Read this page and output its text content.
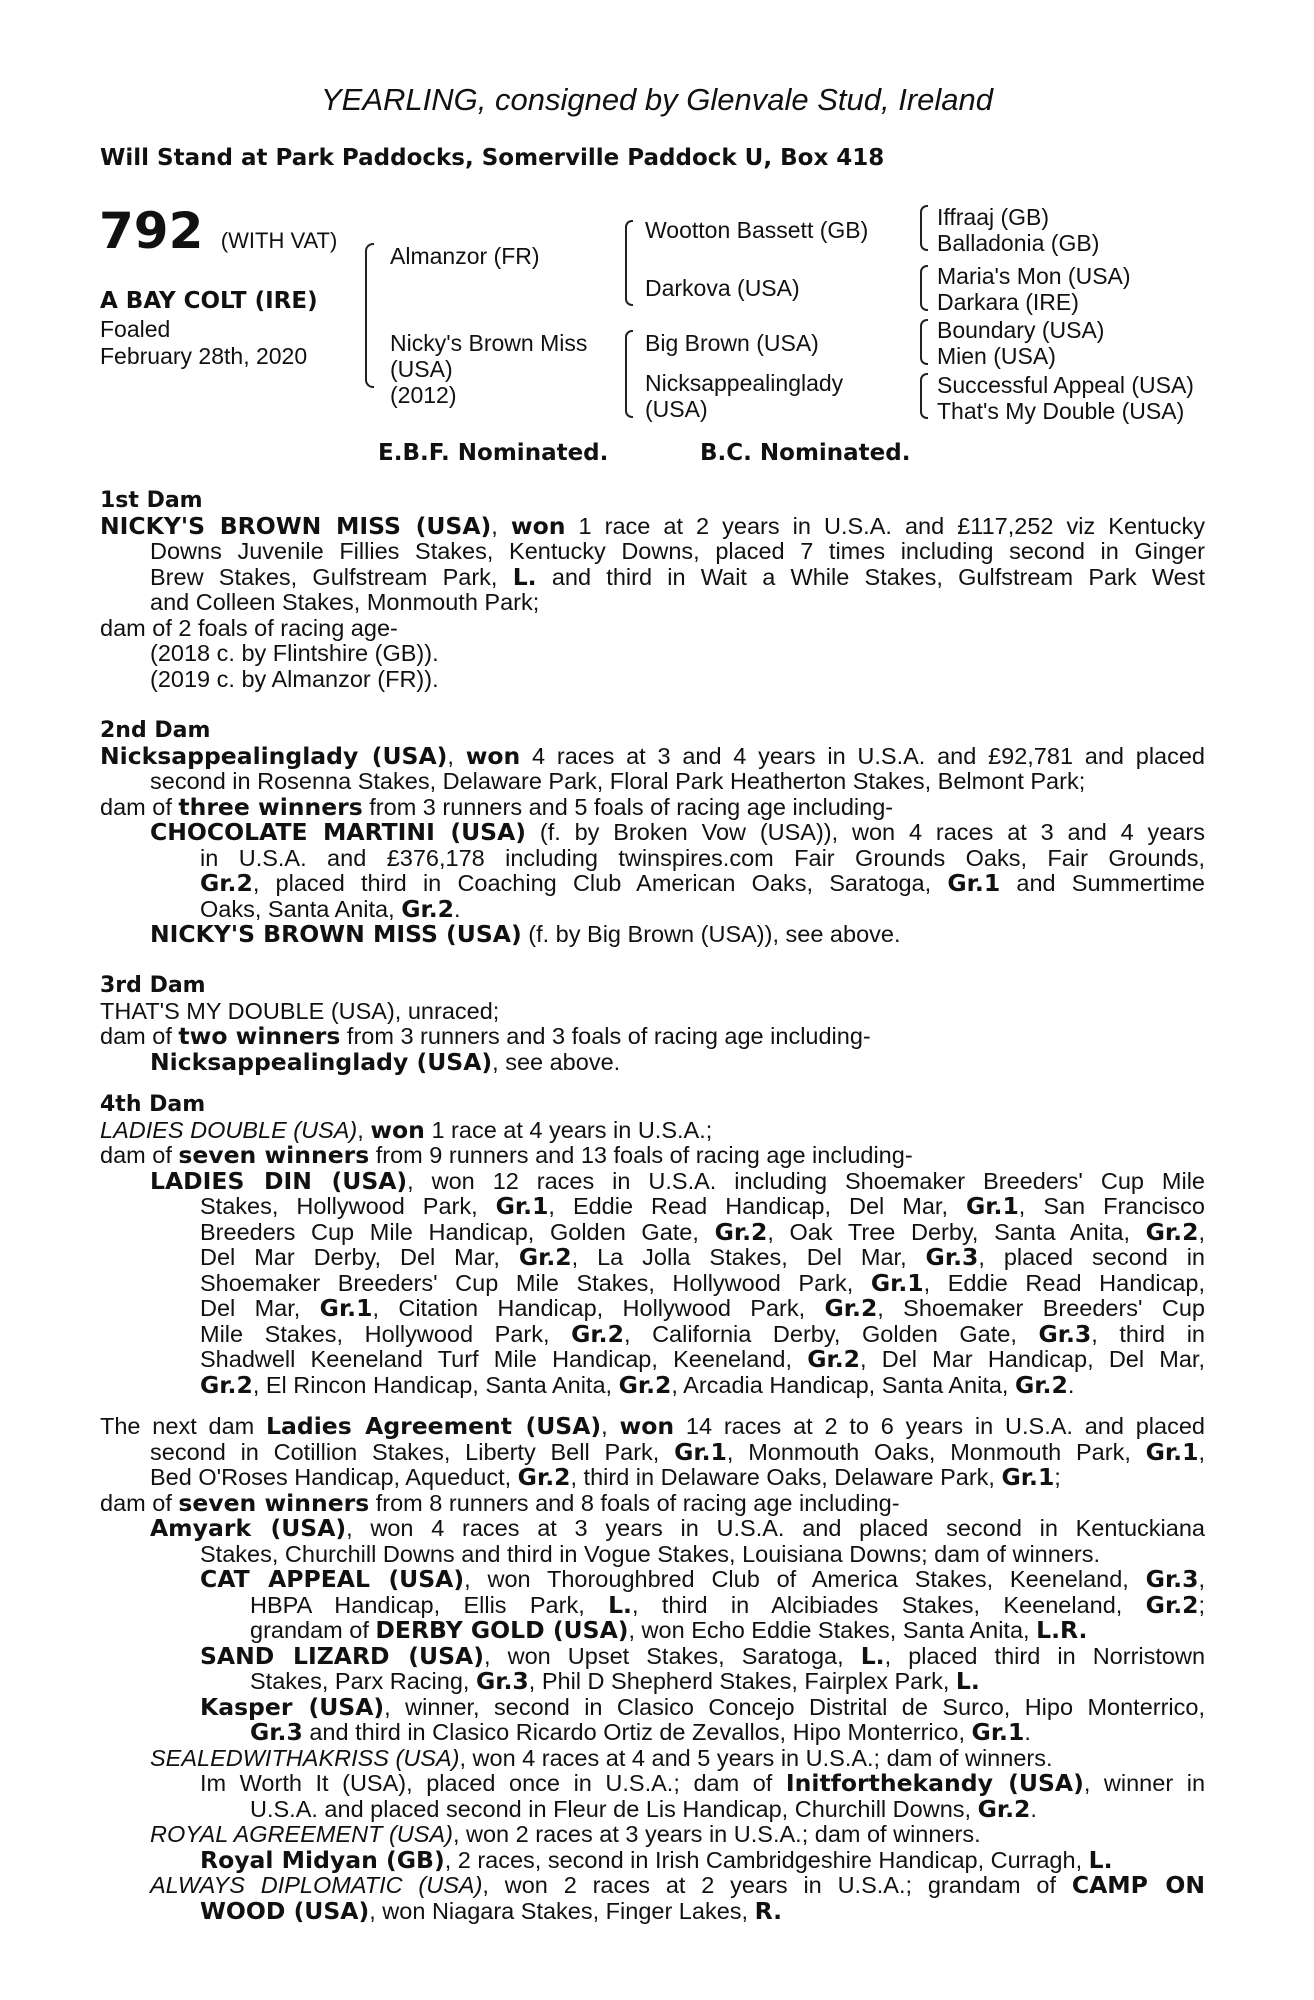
YEARLING, consigned by Glenvale Stud, Ireland
Will Stand at Park Paddocks, Somerville Paddock U, Box 418
792 (WITH VAT)
A BAY COLT (IRE)
Foaled
February 28th, 2020
Almanzor (FR)
Nicky's Brown Miss
(USA)
(2012)
Wootton Bassett (GB)
Darkova (USA)
Big Brown (USA)
Nicksappealinglady
(USA)
Iffraaj (GB)
Balladonia (GB)
Maria's Mon (USA)
Darkara (IRE)
Boundary (USA)
Mien (USA)
Successful Appeal (USA)
That's My Double (USA)
E.B.F. Nominated.	B.C. Nominated.
1st Dam
NICKY'S BROWN MISS (USA), won 1 race at 2 years in U.S.A. and £117,252 viz Kentucky
Downs Juvenile Fillies Stakes, Kentucky Downs, placed 7 times including second in Ginger
Brew Stakes, Gulfstream Park, L. and third in Wait a While Stakes, Gulfstream Park West
and Colleen Stakes, Monmouth Park;
dam of 2 foals of racing age-
(2018 c. by Flintshire (GB)).
(2019 c. by Almanzor (FR)).
2nd Dam
Nicksappealinglady (USA), won 4 races at 3 and 4 years in U.S.A. and £92,781 and placed
second in Rosenna Stakes, Delaware Park, Floral Park Heatherton Stakes, Belmont Park;
dam of three winners from 3 runners and 5 foals of racing age including-
CHOCOLATE MARTINI (USA) (f. by Broken Vow (USA)), won 4 races at 3 and 4 years
in U.S.A. and £376,178 including twinspires.com Fair Grounds Oaks, Fair Grounds,
Gr.2, placed third in Coaching Club American Oaks, Saratoga, Gr.1 and Summertime
Oaks, Santa Anita, Gr.2.
NICKY'S BROWN MISS (USA) (f. by Big Brown (USA)), see above.
3rd Dam
THAT'S MY DOUBLE (USA), unraced;
dam of two winners from 3 runners and 3 foals of racing age including-
Nicksappealinglady (USA), see above.
4th Dam
LADIES DOUBLE (USA), won 1 race at 4 years in U.S.A.;
dam of seven winners from 9 runners and 13 foals of racing age including-
LADIES DIN (USA), won 12 races in U.S.A. including Shoemaker Breeders' Cup Mile
Stakes, Hollywood Park, Gr.1, Eddie Read Handicap, Del Mar, Gr.1, San Francisco
Breeders Cup Mile Handicap, Golden Gate, Gr.2, Oak Tree Derby, Santa Anita, Gr.2,
Del Mar Derby, Del Mar, Gr.2, La Jolla Stakes, Del Mar, Gr.3, placed second in
Shoemaker Breeders' Cup Mile Stakes, Hollywood Park, Gr.1, Eddie Read Handicap,
Del Mar, Gr.1, Citation Handicap, Hollywood Park, Gr.2, Shoemaker Breeders' Cup
Mile Stakes, Hollywood Park, Gr.2, California Derby, Golden Gate, Gr.3, third in
Shadwell Keeneland Turf Mile Handicap, Keeneland, Gr.2, Del Mar Handicap, Del Mar,
Gr.2, El Rincon Handicap, Santa Anita, Gr.2, Arcadia Handicap, Santa Anita, Gr.2.
The next dam Ladies Agreement (USA), won 14 races at 2 to 6 years in U.S.A. and placed
second in Cotillion Stakes, Liberty Bell Park, Gr.1, Monmouth Oaks, Monmouth Park, Gr.1,
Bed O'Roses Handicap, Aqueduct, Gr.2, third in Delaware Oaks, Delaware Park, Gr.1;
dam of seven winners from 8 runners and 8 foals of racing age including-
Amyark (USA), won 4 races at 3 years in U.S.A. and placed second in Kentuckiana
Stakes, Churchill Downs and third in Vogue Stakes, Louisiana Downs; dam of winners.
CAT APPEAL (USA), won Thoroughbred Club of America Stakes, Keeneland, Gr.3,
HBPA Handicap, Ellis Park, L., third in Alcibiades Stakes, Keeneland, Gr.2;
grandam of DERBY GOLD (USA), won Echo Eddie Stakes, Santa Anita, L.R.
SAND LIZARD (USA), won Upset Stakes, Saratoga, L., placed third in Norristown
Stakes, Parx Racing, Gr.3, Phil D Shepherd Stakes, Fairplex Park, L.
Kasper (USA), winner, second in Clasico Concejo Distrital de Surco, Hipo Monterrico,
Gr.3 and third in Clasico Ricardo Ortiz de Zevallos, Hipo Monterrico, Gr.1.
SEALEDWITHAKRISS (USA), won 4 races at 4 and 5 years in U.S.A.; dam of winners.
Im Worth It (USA), placed once in U.S.A.; dam of Initforthekandy (USA), winner in
U.S.A. and placed second in Fleur de Lis Handicap, Churchill Downs, Gr.2.
ROYAL AGREEMENT (USA), won 2 races at 3 years in U.S.A.; dam of winners.
Royal Midyan (GB), 2 races, second in Irish Cambridgeshire Handicap, Curragh, L.
ALWAYS DIPLOMATIC (USA), won 2 races at 2 years in U.S.A.; grandam of CAMP ON
WOOD (USA), won Niagara Stakes, Finger Lakes, R.
